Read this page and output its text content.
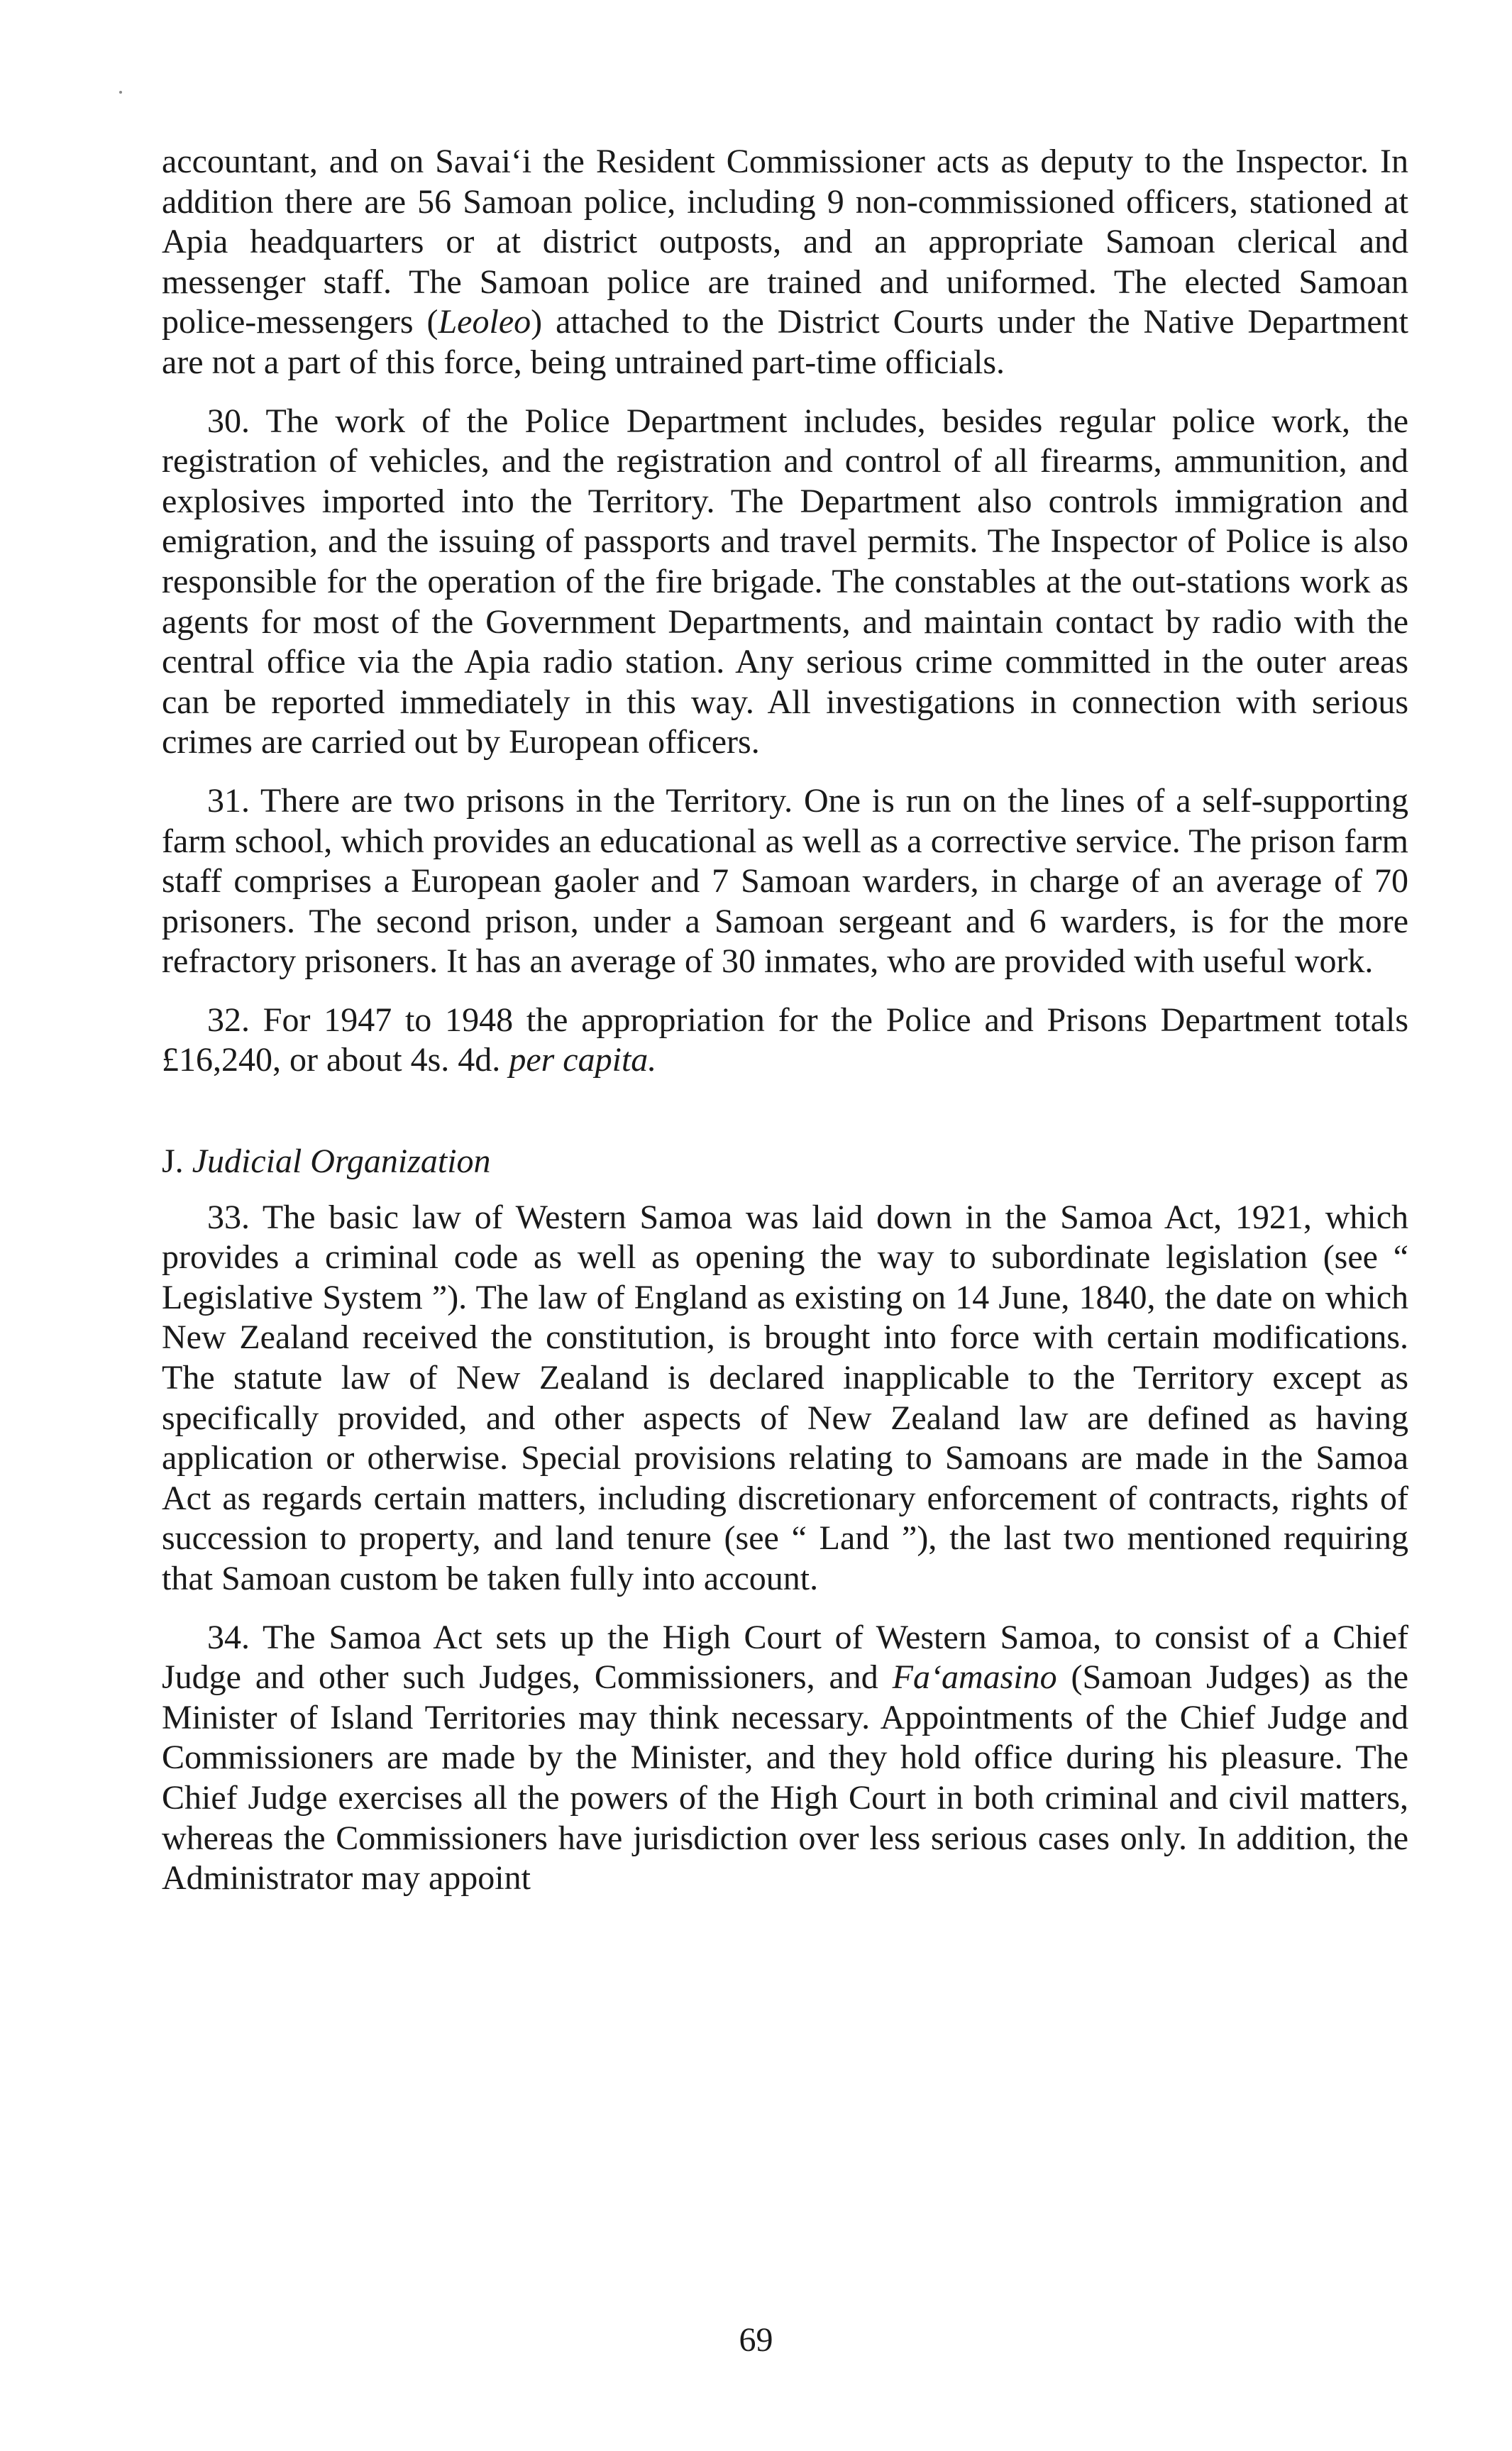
accountant, and on Savai‘i the Resident Commissioner acts as deputy to the Inspector. In addition there are 56 Samoan police, including 9 non-commissioned officers, stationed at Apia headquarters or at district outposts, and an appropriate Samoan clerical and messenger staff. The Samoan police are trained and uniformed. The elected Samoan police-messengers (Leoleo) attached to the District Courts under the Native Department are not a part of this force, being untrained part-time officials.

30. The work of the Police Department includes, besides regular police work, the registration of vehicles, and the registration and control of all firearms, ammunition, and explosives imported into the Territory. The Department also controls immigration and emigration, and the issuing of passports and travel permits. The Inspector of Police is also responsible for the operation of the fire brigade. The constables at the out-stations work as agents for most of the Government Departments, and maintain contact by radio with the central office via the Apia radio station. Any serious crime committed in the outer areas can be reported immediately in this way. All investigations in connection with serious crimes are carried out by European officers.

31. There are two prisons in the Territory. One is run on the lines of a self-supporting farm school, which provides an educational as well as a corrective service. The prison farm staff comprises a European gaoler and 7 Samoan warders, in charge of an average of 70 prisoners. The second prison, under a Samoan sergeant and 6 warders, is for the more refractory prisoners. It has an average of 30 inmates, who are provided with useful work.

32. For 1947 to 1948 the appropriation for the Police and Prisons Department totals £16,240, or about 4s. 4d. per capita.

J. Judicial Organization

33. The basic law of Western Samoa was laid down in the Samoa Act, 1921, which provides a criminal code as well as opening the way to subordinate legislation (see “ Legislative System ”). The law of England as existing on 14 June, 1840, the date on which New Zealand received the constitution, is brought into force with certain modifications. The statute law of New Zealand is declared inapplicable to the Territory except as specifically provided, and other aspects of New Zealand law are defined as having application or otherwise. Special provisions relating to Samoans are made in the Samoa Act as regards certain matters, including discretionary enforcement of contracts, rights of succession to property, and land tenure (see “ Land ”), the last two mentioned requiring that Samoan custom be taken fully into account.

34. The Samoa Act sets up the High Court of Western Samoa, to consist of a Chief Judge and other such Judges, Commissioners, and Fa‘amasino (Samoan Judges) as the Minister of Island Territories may think necessary. Appointments of the Chief Judge and Commissioners are made by the Minister, and they hold office during his pleasure. The Chief Judge exercises all the powers of the High Court in both criminal and civil matters, whereas the Commissioners have jurisdiction over less serious cases only. In addition, the Administrator may appoint

69
